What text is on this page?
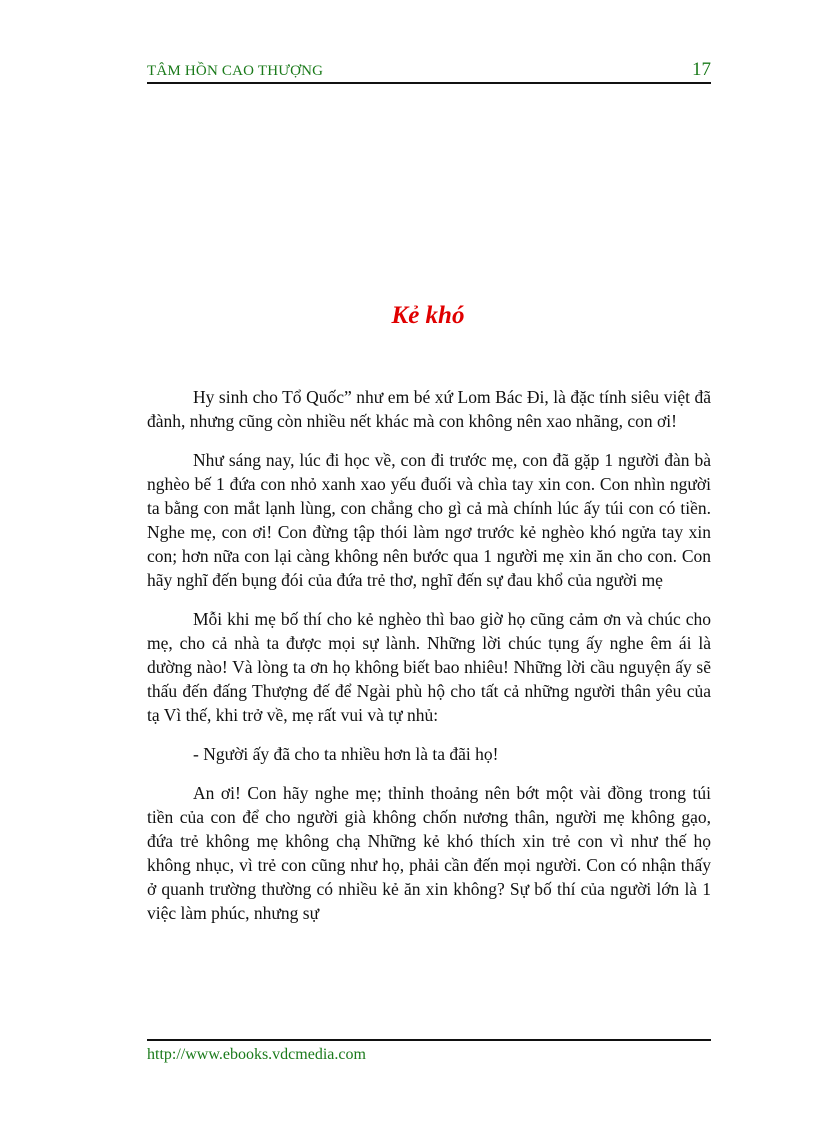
TÂM HỒN CAO THƯỢNG	17
Kẻ khó

Hy sinh cho Tổ Quốc” như em bé xứ Lom Bác Đi, là đặc tính siêu việt đã đành, nhưng cũng còn nhiều nết khác mà con không nên xao nhãng, con ơi!

Như sáng nay, lúc đi học về, con đi trước mẹ, con đã gặp 1 người đàn bà nghèo bế 1 đứa con nhỏ xanh xao yếu đuối và chìa tay xin con. Con nhìn người ta bằng con mắt lạnh lùng, con chẳng cho gì cả mà chính lúc ấy túi con có tiền. Nghe mẹ, con ơi! Con đừng tập thói làm ngơ trước kẻ nghèo khó ngửa tay xin con; hơn nữa con lại càng không nên bước qua 1 người mẹ xin ăn cho con. Con hãy nghĩ đến bụng đói của đứa trẻ thơ, nghĩ đến sự đau khổ của người mẹ

Mỗi khi mẹ bố thí cho kẻ nghèo thì bao giờ họ cũng cảm ơn và chúc cho mẹ, cho cả nhà ta được mọi sự lành. Những lời chúc tụng ấy nghe êm ái là dường nào! Và lòng ta ơn họ không biết bao nhiêu! Những lời cầu nguyện ấy sẽ thấu đến đấng Thượng đế để Ngài phù hộ cho tất cả những người thân yêu của tạ Vì thế, khi trở về, mẹ rất vui và tự nhủ:

- Người ấy đã cho ta nhiều hơn là ta đãi họ!

An ơi! Con hãy nghe mẹ; thỉnh thoảng nên bớt một vài đồng trong túi tiền của con để cho người già không chốn nương thân, người mẹ không gạo, đứa trẻ không mẹ không chạ Những kẻ khó thích xin trẻ con vì như thế họ không nhục, vì trẻ con cũng như họ, phải cần đến mọi người. Con có nhận thấy ở quanh trường thường có nhiều kẻ ăn xin không? Sự bố thí của người lớn là 1 việc làm phúc, nhưng sự

http://www.ebooks.vdcmedia.com
